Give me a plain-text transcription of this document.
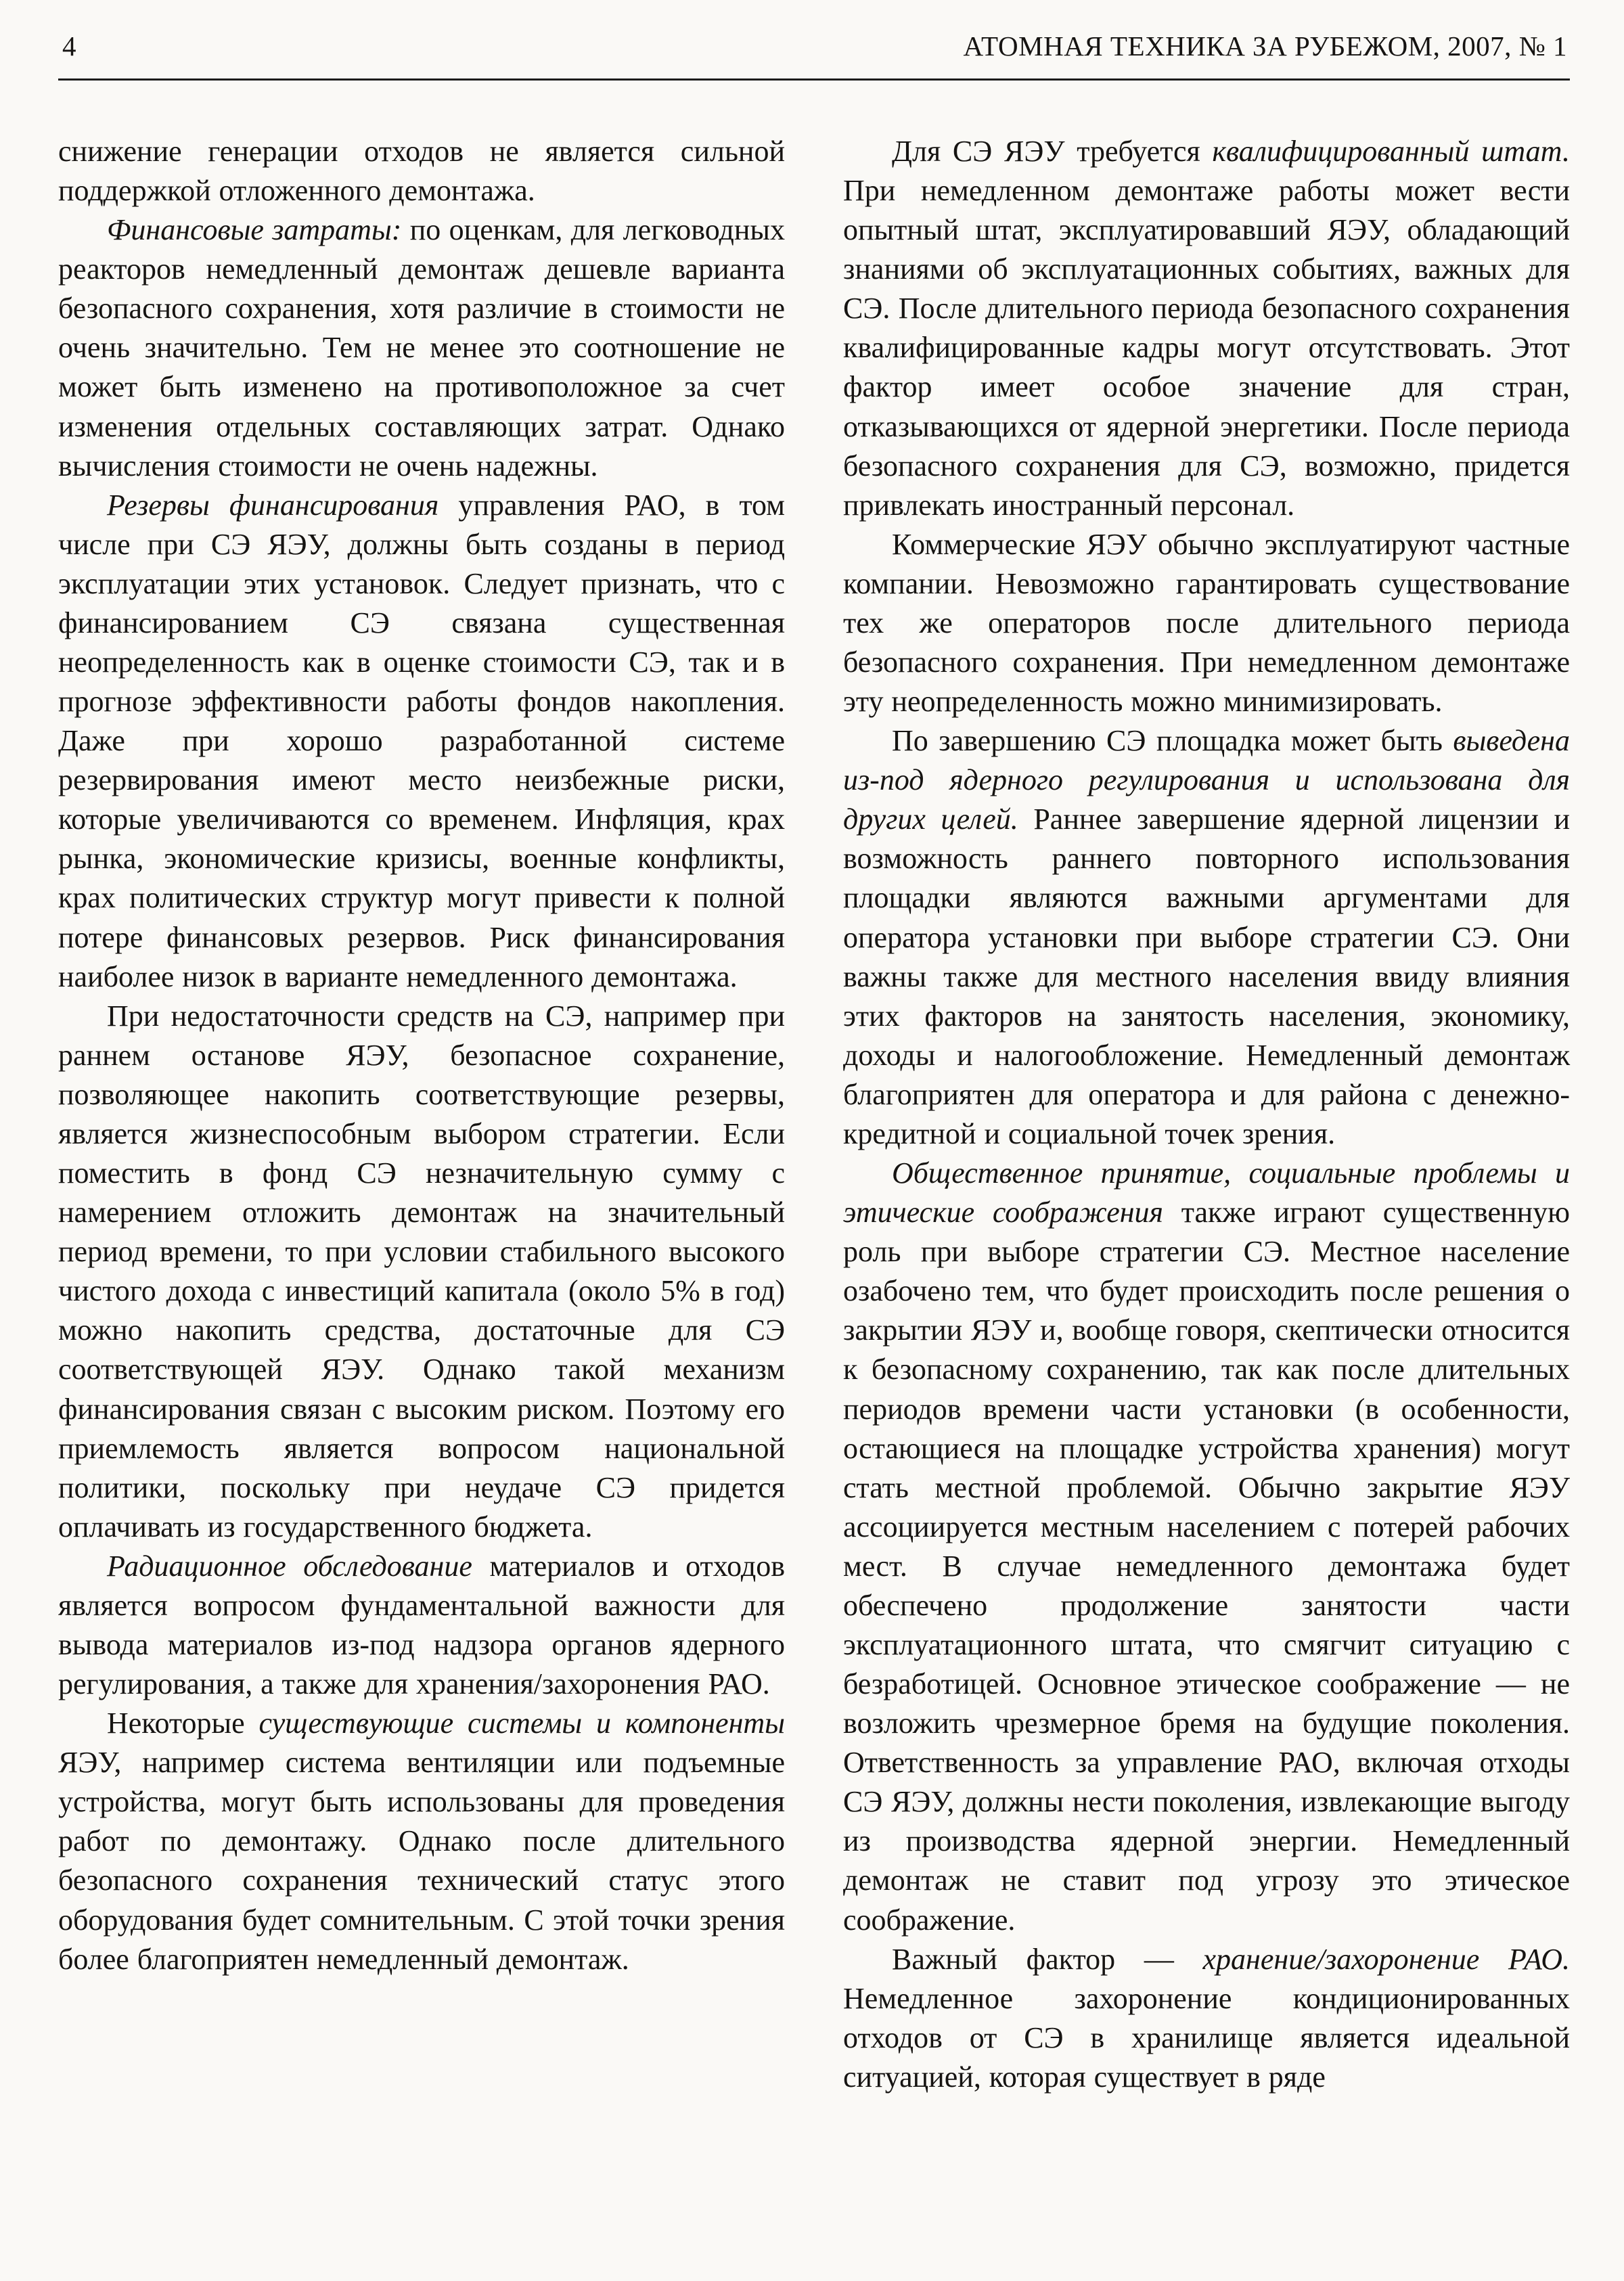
4	АТОМНАЯ ТЕХНИКА ЗА РУБЕЖОМ, 2007, № 1

снижение генерации отходов не является сильной поддержкой отложенного демонтажа.

Финансовые затраты: по оценкам, для легководных реакторов немедленный демонтаж дешевле варианта безопасного сохранения, хотя различие в стоимости не очень значительно. Тем не менее это соотношение не может быть изменено на противоположное за счет изменения отдельных составляющих затрат. Однако вычисления стоимости не очень надежны.

Резервы финансирования управления РАО, в том числе при СЭ ЯЭУ, должны быть созданы в период эксплуатации этих установок. Следует признать, что с финансированием СЭ связана существенная неопределенность как в оценке стоимости СЭ, так и в прогнозе эффективности работы фондов накопления. Даже при хорошо разработанной системе резервирования имеют место неизбежные риски, которые увеличиваются со временем. Инфляция, крах рынка, экономические кризисы, военные конфликты, крах политических структур могут привести к полной потере финансовых резервов. Риск финансирования наиболее низок в варианте немедленного демонтажа.

При недостаточности средств на СЭ, например при раннем останове ЯЭУ, безопасное сохранение, позволяющее накопить соответствующие резервы, является жизнеспособным выбором стратегии. Если поместить в фонд СЭ незначительную сумму с намерением отложить демонтаж на значительный период времени, то при условии стабильного высокого чистого дохода с инвестиций капитала (около 5% в год) можно накопить средства, достаточные для СЭ соответствующей ЯЭУ. Однако такой механизм финансирования связан с высоким риском. Поэтому его приемлемость является вопросом национальной политики, поскольку при неудаче СЭ придется оплачивать из государственного бюджета.

Радиационное обследование материалов и отходов является вопросом фундаментальной важности для вывода материалов из-под надзора органов ядерного регулирования, а также для хранения/захоронения РАО.

Некоторые существующие системы и компоненты ЯЭУ, например система вентиляции или подъемные устройства, могут быть использованы для проведения работ по демонтажу. Однако после длительного безопасного сохранения технический статус этого оборудования будет сомнительным. С этой точки зрения более благоприятен немедленный демонтаж.

Для СЭ ЯЭУ требуется квалифицированный штат. При немедленном демонтаже работы может вести опытный штат, эксплуатировавший ЯЭУ, обладающий знаниями об эксплуатационных событиях, важных для СЭ. После длительного периода безопасного сохранения квалифицированные кадры могут отсутствовать. Этот фактор имеет особое значение для стран, отказывающихся от ядерной энергетики. После периода безопасного сохранения для СЭ, возможно, придется привлекать иностранный персонал.

Коммерческие ЯЭУ обычно эксплуатируют частные компании. Невозможно гарантировать существование тех же операторов после длительного периода безопасного сохранения. При немедленном демонтаже эту неопределенность можно минимизировать.

По завершению СЭ площадка может быть выведена из-под ядерного регулирования и использована для других целей. Раннее завершение ядерной лицензии и возможность раннего повторного использования площадки являются важными аргументами для оператора установки при выборе стратегии СЭ. Они важны также для местного населения ввиду влияния этих факторов на занятость населения, экономику, доходы и налогообложение. Немедленный демонтаж благоприятен для оператора и для района с денежно-кредитной и социальной точек зрения.

Общественное принятие, социальные проблемы и этические соображения также играют существенную роль при выборе стратегии СЭ. Местное население озабочено тем, что будет происходить после решения о закрытии ЯЭУ и, вообще говоря, скептически относится к безопасному сохранению, так как после длительных периодов времени части установки (в особенности, остающиеся на площадке устройства хранения) могут стать местной проблемой. Обычно закрытие ЯЭУ ассоциируется местным населением с потерей рабочих мест. В случае немедленного демонтажа будет обеспечено продолжение занятости части эксплуатационного штата, что смягчит ситуацию с безработицей. Основное этическое соображение — не возложить чрезмерное бремя на будущие поколения. Ответственность за управление РАО, включая отходы СЭ ЯЭУ, должны нести поколения, извлекающие выгоду из производства ядерной энергии. Немедленный демонтаж не ставит под угрозу это этическое соображение.

Важный фактор — хранение/захоронение РАО. Немедленное захоронение кондиционированных отходов от СЭ в хранилище является идеальной ситуацией, которая существует в ряде
